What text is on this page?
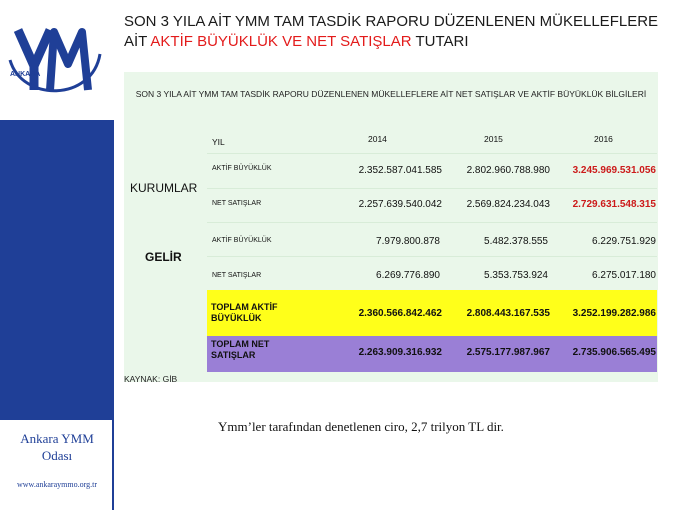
ANKARA
Ankara YMM
Odası
www.ankaraymmo.org.tr
SON 3 YILA AİT YMM TAM TASDİK RAPORU DÜZENLENEN MÜKELLEFLERE AİT AKTİF BÜYÜKLÜK VE NET SATIŞLAR TUTARI
SON 3 YILA AİT YMM TAM TASDİK RAPORU DÜZENLENEN MÜKELLEFLERE AİT NET SATIŞLAR VE AKTİF BÜYÜKLÜK BİLGİLERİ
YIL	2014	2015	2016
KURUMLAR
GELİR
AKTİF BÜYÜKLÜK	2.352.587.041.585	2.802.960.788.980	3.245.969.531.056
NET SATIŞLAR	2.257.639.540.042	2.569.824.234.043	2.729.631.548.315
AKTİF BÜYÜKLÜK	7.979.800.878	5.482.378.555	6.229.751.929
NET SATIŞLAR	6.269.776.890	5.353.753.924	6.275.017.180
TOPLAM AKTİF BÜYÜKLÜK	2.360.566.842.462	2.808.443.167.535	3.252.199.282.986
TOPLAM NET SATIŞLAR	2.263.909.316.932	2.575.177.987.967	2.735.906.565.495
KAYNAK: GİB
Ymm’ler tarafından denetlenen ciro, 2,7 trilyon TL dir.
